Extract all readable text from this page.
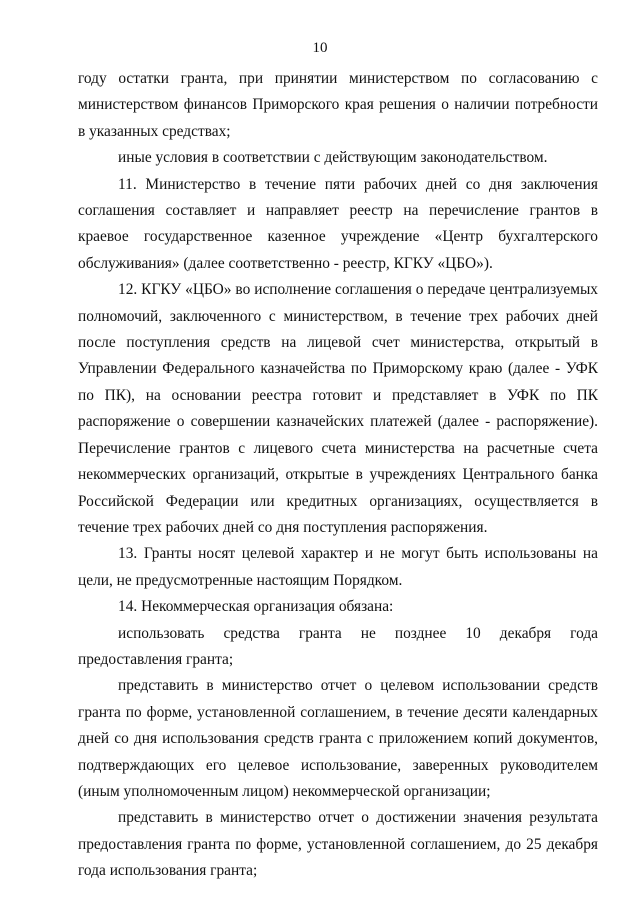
10

году остатки гранта, при принятии министерством по согласованию с министерством финансов Приморского края решения о наличии потребности в указанных средствах;

иные условия в соответствии с действующим законодательством.

11. Министерство в течение пяти рабочих дней со дня заключения соглашения составляет и направляет реестр на перечисление грантов в краевое государственное казенное учреждение «Центр бухгалтерского обслуживания» (далее соответственно - реестр, КГКУ «ЦБО»).

12. КГКУ «ЦБО» во исполнение соглашения о передаче централизуемых полномочий, заключенного с министерством, в течение трех рабочих дней после поступления средств на лицевой счет министерства, открытый в Управлении Федерального казначейства по Приморскому краю (далее - УФК по ПК), на основании реестра готовит и представляет в УФК по ПК распоряжение о совершении казначейских платежей (далее - распоряжение). Перечисление грантов с лицевого счета министерства на расчетные счета некоммерческих организаций, открытые в учреждениях Центрального банка Российской Федерации или кредитных организациях, осуществляется в течение трех рабочих дней со дня поступления распоряжения.

13. Гранты носят целевой характер и не могут быть использованы на цели, не предусмотренные настоящим Порядком.

14. Некоммерческая организация обязана:

использовать средства гранта не позднее 10 декабря года предоставления гранта;

представить в министерство отчет о целевом использовании средств гранта по форме, установленной соглашением, в течение десяти календарных дней со дня использования средств гранта с приложением копий документов, подтверждающих его целевое использование, заверенных руководителем (иным уполномоченным лицом) некоммерческой организации;

представить в министерство отчет о достижении значения результата предоставления гранта по форме, установленной соглашением, до 25 декабря года использования гранта;
